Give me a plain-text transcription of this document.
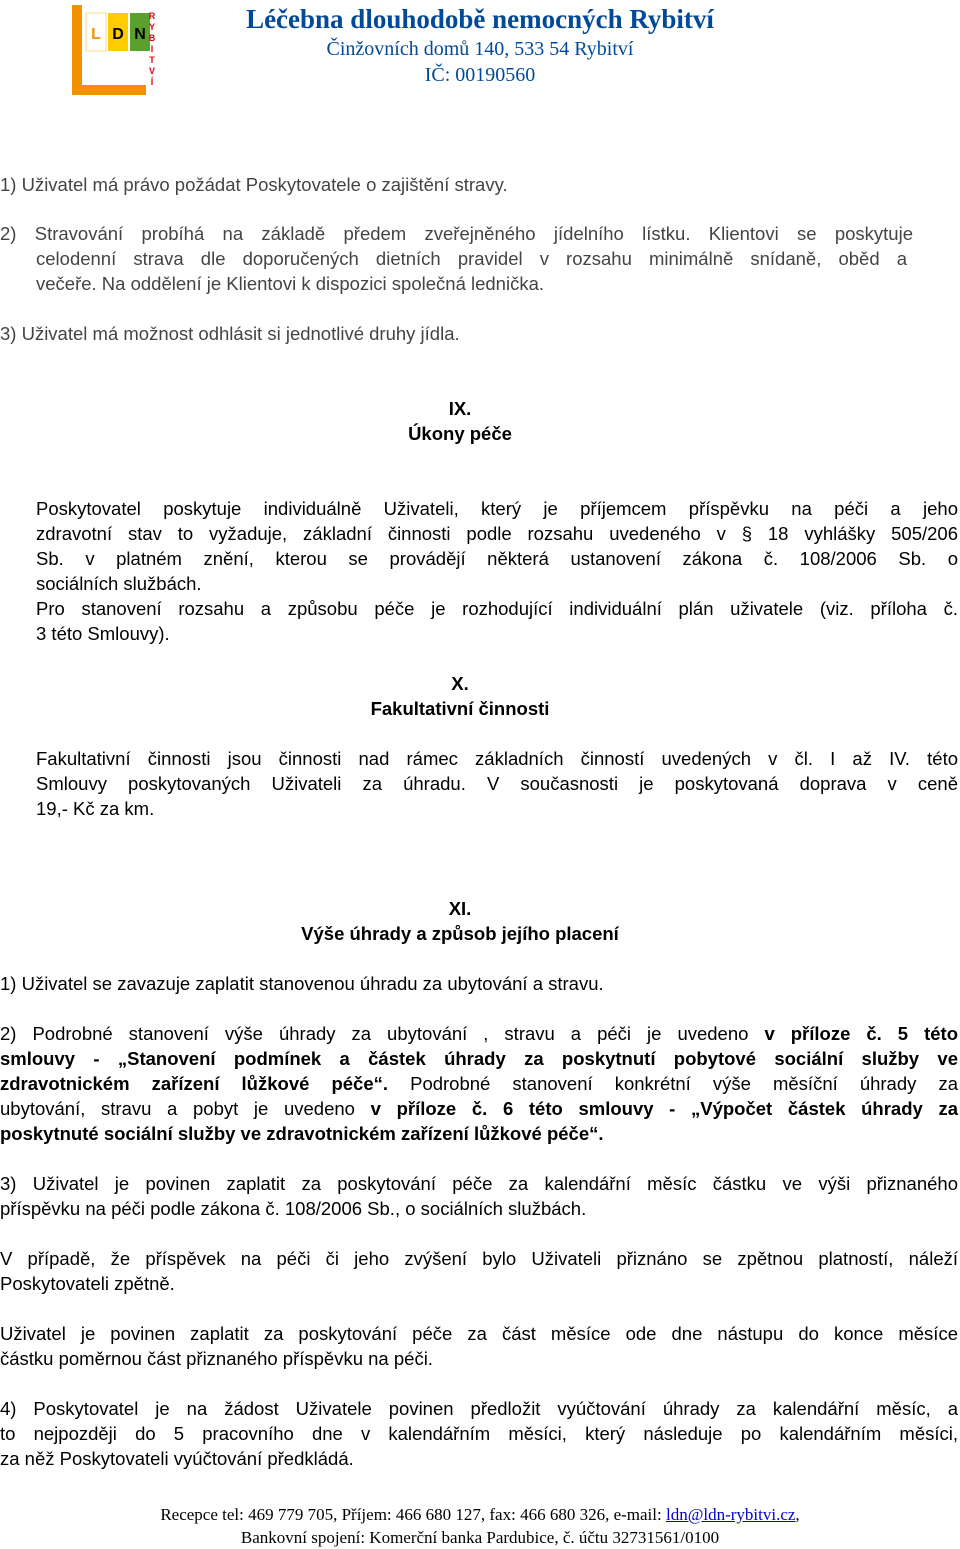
L D N
R
Y
B
I
T
V
Í
Léčebna dlouhodobě nemocných Rybitví
Činžovních domů 140, 533 54 Rybitví
IČ: 00190560
1) Uživatel má právo požádat Poskytovatele o zajištění stravy.
2) Stravování probíhá na základě předem zveřejněného jídelního lístku. Klientovi se poskytuje
celodenní strava dle doporučených dietních pravidel v rozsahu minimálně snídaně, oběd a
večeře. Na oddělení je Klientovi k dispozici společná lednička.
3) Uživatel má možnost odhlásit si jednotlivé druhy jídla.
IX.
Úkony péče
Poskytovatel poskytuje individuálně Uživateli, který je příjemcem příspěvku na péči a jeho
zdravotní stav to vyžaduje, základní činnosti podle rozsahu uvedeného v § 18 vyhlášky 505/206
Sb. v platném znění, kterou se provádějí některá ustanovení zákona č. 108/2006 Sb. o
sociálních službách.
Pro stanovení rozsahu a způsobu péče je rozhodující individuální plán uživatele (viz. příloha č.
3 této Smlouvy).
X.
Fakultativní činnosti
Fakultativní činnosti jsou činnosti nad rámec základních činností uvedených v čl. I až IV. této
Smlouvy poskytovaných Uživateli za úhradu. V současnosti je poskytovaná doprava v ceně
19,- Kč za km.
XI.
Výše úhrady a způsob jejího placení
1) Uživatel se zavazuje zaplatit stanovenou úhradu za ubytování a stravu.
2) Podrobné stanovení výše úhrady za ubytování , stravu a péči je uvedeno v příloze č. 5 této
smlouvy - „Stanovení podmínek a částek úhrady za poskytnutí pobytové sociální služby ve
zdravotnickém zařízení lůžkové péče“. Podrobné stanovení konkrétní výše měsíční úhrady za
ubytování, stravu a pobyt je uvedeno v příloze č. 6 této smlouvy - „Výpočet částek úhrady za
poskytnuté sociální služby ve zdravotnickém zařízení lůžkové péče“.
3) Uživatel je povinen zaplatit za poskytování péče za kalendářní měsíc částku ve výši přiznaného
příspěvku na péči podle zákona č. 108/2006 Sb., o sociálních službách.
V případě, že příspěvek na péči či jeho zvýšení bylo Uživateli přiznáno se zpětnou platností, náleží
Poskytovateli zpětně.
Uživatel je povinen zaplatit za poskytování péče za část měsíce ode dne nástupu do konce měsíce
částku poměrnou část přiznaného příspěvku na péči.
4) Poskytovatel je na žádost Uživatele povinen předložit vyúčtování úhrady za kalendářní měsíc, a
to nejpozději do 5 pracovního dne v kalendářním měsíci, který následuje po kalendářním měsíci,
za něž Poskytovateli vyúčtování předkládá.
Recepce tel: 469 779 705, Příjem: 466 680 127, fax: 466 680 326, e-mail: ldn@ldn-rybitvi.cz,
Bankovní spojení: Komerční banka Pardubice, č. účtu 32731561/0100
